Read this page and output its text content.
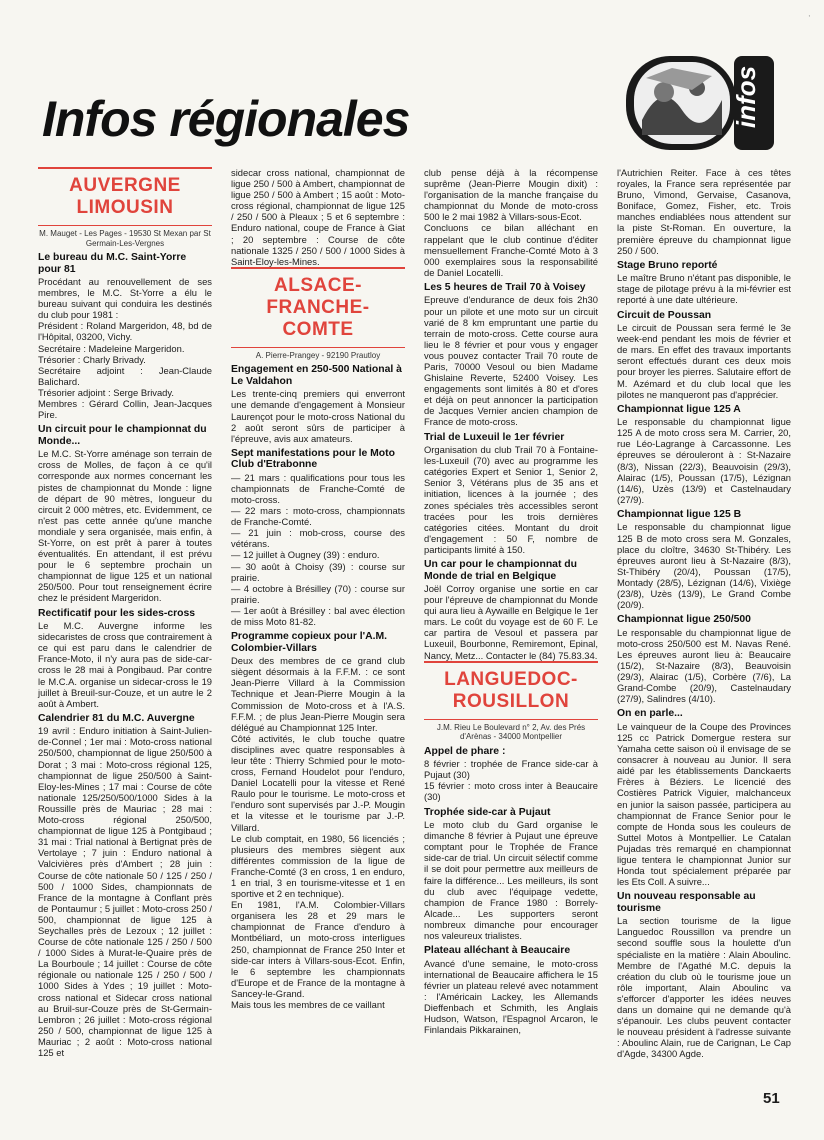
'
Infos régionales	infos
AUVERGNE
LIMOUSIN
M. Mauget - Les Pages - 19530 St Mexan par St Germain-Les-Vergnes
Le bureau du M.C. Saint-Yorre pour 81

Procédant au renouvellement de ses membres, le M.C. St-Yorre a élu le bureau suivant qui conduira les destinés du club pour 1981 :

Président : Roland Margeridon, 48, bd de l'Hôpital, 03200, Vichy.

Secrétaire : Madeleine Margeridon.

Trésorier : Charly Brivady.

Secrétaire adjoint : Jean-Claude Balichard.

Trésorier adjoint : Serge Brivady.

Membres : Gérard Collin, Jean-Jacques Pire.

Un circuit pour le championnat du Monde...

Le M.C. St-Yorre aménage son terrain de cross de Molles, de façon à ce qu'il corresponde aux normes concernant les pistes de championnat du Monde : ligne de départ de 90 mètres, longueur du circuit 2 000 mètres, etc. Evidemment, ce n'est pas cette année qu'une manche mondiale y sera organisée, mais enfin, à St-Yorre, on est prêt à parer à toutes éventualités. En attendant, il est prévu pour le 6 septembre prochain un championnat de ligue 125 et un national 250/500. Pour tout renseignement écrire chez le président Margeridon.

Rectificatif pour les sides-cross

Le M.C. Auvergne informe les sidecaristes de cross que contrairement à ce qui est paru dans le calendrier de France-Moto, il n'y aura pas de side-car-cross le 28 mai à Pongibaud. Par contre le M.C.A. organise un sidecar-cross le 19 juillet à Breuil-sur-Couze, et un autre le 2 août à Ambert.

Calendrier 81 du M.C. Auvergne

19 avril : Enduro initiation à Saint-Julien-de-Connel ; 1er mai : Moto-cross national 250/500, championnat de ligue 250/500 à Dorat ; 3 mai : Moto-cross régional 125, championnat de ligue 250/500 à Saint-Eloy-les-Mines ; 17 mai : Course de côte nationale 125/250/500/1000 Sides à la Roussille près de Mauriac ; 28 mai : Moto-cross régional 250/500, championnat de ligue 125 à Pontgibaud ; 31 mai : Trial national à Bertignat près de Vertolaye ; 7 juin : Enduro national à Valcivières près d'Ambert ; 28 juin : Course de côte nationale 50 / 125 / 250 / 500 / 1000 Sides, championnats de France de la montagne à Conflant près de Pontaumur ; 5 juillet : Moto-cross 250 / 500, championnat de ligue 125 à Seychalles près de Lezoux ; 12 juillet : Course de côte nationale 125 / 250 / 500 / 1000 Sides à Murat-le-Quaire près de La Bourboule ; 14 juillet : Course de côte régionale ou nationale 125 / 250 / 500 / 1000 Sides à Ydes ; 19 juillet : Moto-cross national et Sidecar cross national au Bruil-sur-Couze près de St-Germain-Lembron ; 26 juillet : Moto-cross régional 250 / 500, championnat de ligue 125 à Mauriac ; 2 août : Moto-cross national 125 et

sidecar cross national, championnat de ligue 250 / 500 à Ambert, championnat de ligue 250 / 500 à Ambert ; 15 août : Moto-cross régional, championnat de ligue 125 / 250 / 500 à Pleaux ; 5 et 6 septembre : Enduro national, coupe de France à Giat ; 20 septembre : Course de côte nationale 1325 / 250 / 500 / 1000 Sides à Saint-Eloy-les-Mines.

ALSACE-
FRANCHE-
COMTE
A. Pierre-Prangey - 92190 Prautloy
Engagement en 250-500 National à Le Valdahon

Les trente-cinq premiers qui enverront une demande d'engagement à Monsieur Laurençot pour le moto-cross National du 2 août seront sûrs de participer à l'épreuve, avis aux amateurs.

Sept manifestations pour le Moto Club d'Etrabonne

— 21 mars : qualifications pour tous les championnats de Franche-Comté de moto-cross.

— 22 mars : moto-cross, championnats de Franche-Comté.

— 21 juin : mob-cross, course des vétérans.

— 12 juillet à Ougney (39) : enduro.

— 30 août à Choisy (39) : course sur prairie.

— 4 octobre à Brésilley (70) : course sur prairie.

— 1er août à Brésilley : bal avec élection de miss Moto 81-82.

Programme copieux pour l'A.M. Colombier-Villars

Deux des membres de ce grand club siègent désormais à la F.F.M. : ce sont Jean-Pierre Villard à la Commission Technique et Jean-Pierre Mougin à la Commission de Moto-cross et à l'A.S. F.F.M. ; de plus Jean-Pierre Mougin sera délégué au Championnat 125 Inter.

Côté activités, le club touche quatre disciplines avec quatre responsables à leur tête : Thierry Schmied pour le moto-cross, Fernand Houdelot pour l'enduro, Daniel Locatelli pour la vitesse et René Raulo pour le tourisme. Le moto-cross et l'enduro sont supervisés par J.-P. Mougin et la vitesse et le tourisme par J.-P. Villard.

Le club comptait, en 1980, 56 licenciés ; plusieurs des membres siègent aux différentes commission de la ligue de Franche-Comté (3 en cross, 1 en enduro, 1 en trial, 3 en tourisme-vitesse et 1 en sportive et 2 en technique).

En 1981, l'A.M. Colombier-Villars organisera les 28 et 29 mars le championnat de France d'enduro à Montbéliard, un moto-cross interligues 250, championnat de France 250 Inter et side-car inters à Villars-sous-Ecot. Enfin, le 6 septembre les championnats d'Europe et de France de la montagne à Sancey-le-Grand.

Mais tous les membres de ce vaillant

club pense déjà à la récompense suprême (Jean-Pierre Mougin dixit) : l'organisation de la manche française du championnat du Monde de moto-cross 500 le 2 mai 1982 à Villars-sous-Ecot.

Concluons ce bilan alléchant en rappelant que le club continue d'éditer mensuellement Franche-Comté Moto à 3 000 exemplaires sous la responsabilité de Daniel Locatelli.

Les 5 heures de Trail 70 à Voisey

Epreuve d'endurance de deux fois 2h30 pour un pilote et une moto sur un circuit varié de 8 km empruntant une partie du terrain de moto-cross. Cette course aura lieu le 8 février et pour vous y engager vous pouvez contacter Trail 70 route de Paris, 70000 Vesoul ou bien Madame Ghislaine Reverte, 52400 Voisey. Les engagements sont limités à 80 et d'ores et déjà on peut annoncer la participation de Jacques Vernier ancien champion de France de moto-cross.

Trial de Luxeuil le 1er février

Organisation du club Trail 70 à Fontaine-les-Luxeuil (70) avec au programme les catégories Expert et Senior 1, Senior 2, Senior 3, Vétérans plus de 35 ans et initiation, licences à la journée ; des zones spéciales très accessibles seront tracées pour les trois dernières catégories citées. Montant du droit d'engagement : 50 F, nombre de participants limité à 150.

Un car pour le championnat du Monde de trial en Belgique

Joël Corroy organise une sortie en car pour l'épreuve de championnat du Monde qui aura lieu à Aywaille en Belgique le 1er mars. Le coût du voyage est de 60 F. Le car partira de Vesoul et passera par Luxeuil, Bourbonne, Remiremont, Epinal, Nancy, Metz... Contacter le (84) 75.83.34.

LANGUEDOC-
ROUSILLON
J.M. Rieu Le Boulevard n° 2, Av. des Prés d'Arènas - 34000 Montpellier
Appel de phare :

8 février : trophée de France side-car à Pujaut (30)

15 février : moto cross inter à Beaucaire (30)

Trophée side-car à Pujaut

Le moto club du Gard organise le dimanche 8 février à Pujaut une épreuve comptant pour le Trophée de France side-car de trial. Un circuit sélectif comme il se doit pour permettre aux meilleurs de faire la différence... Les meilleurs, ils sont du club avec l'équipage vedette, champion de France 1980 : Borrely-Alcade... Les supporters seront nombreux dimanche pour encourager nos valeureux trialistes.

Plateau alléchant à Beaucaire

Avancé d'une semaine, le moto-cross international de Beaucaire affichera le 15 février un plateau relevé avec notamment : l'Américain Lackey, les Allemands Dieffenbach et Schmith, les Anglais Hudson, Watson, l'Espagnol Arcaron, le Finlandais Pikkarainen,

l'Autrichien Reiter. Face à ces têtes royales, la France sera représentée par Bruno, Vimond, Gervaise, Casanova, Boniface, Gomez, Fisher, etc. Trois manches endiablées nous attendent sur la piste St-Roman. En ouverture, la première épreuve du championnat ligue 250 / 500.

Stage Bruno reporté

Le maître Bruno n'étant pas disponible, le stage de pilotage prévu à la mi-février est reporté à une date ultérieure.

Circuit de Poussan

Le circuit de Poussan sera fermé le 3e week-end pendant les mois de février et de mars. En effet des travaux importants seront effectués durant ces deux mois pour broyer les pierres. Salutaire effort de M. Azémard et du club local que les pilotes ne manqueront pas d'apprécier.

Championnat ligue 125 A

Le responsable du championnat ligue 125 A de moto cross sera M. Carrier, 20, rue Léo-Lagrange à Carcassonne. Les épreuves se dérouleront à : St-Nazaire (8/3), Nissan (22/3), Beauvoisin (29/3), Alairac (1/5), Poussan (17/5), Lézignan (14/6), Uzès (13/9) et Castelnaudary (27/9).

Championnat ligue 125 B

Le responsable du championnat ligue 125 B de moto cross sera M. Gonzales, place du cloître, 34630 St-Thibéry. Les épreuves auront lieu à St-Nazaire (8/3), St-Thibéry (20/4), Poussan (17/5), Montady (28/5), Lézignan (14/6), Vixiège (23/8), Uzès (13/9), Le Grand Combe (20/9).

Championnat ligue 250/500

Le responsable du championnat ligue de moto-cross 250/500 est M. Navas René. Les épreuves auront lieu à: Beaucaire (15/2), St-Nazaire (8/3), Beauvoisin (29/3), Alairac (1/5), Corbère (7/6), La Grand-Combe (20/9), Castelnaudary (27/9), Salindres (4/10).

On en parle...

Le vainqueur de la Coupe des Provinces 125 cc Patrick Domergue restera sur Yamaha cette saison où il envisage de se consacrer à nouveau au Junior. Il sera aidé par les établissements Danckaerts Frères à Béziers. Le licencié des Costières Patrick Viguier, malchanceux en junior la saison passée, participera au championnat de France Senior pour le compte de Honda sous les couleurs de Suttel Motos à Montpellier. Le Catalan Pujadas très remarqué en championnat ligue tentera le championnat Junior sur Honda tout spécialement préparée par les Ets Coll. A suivre...

Un nouveau responsable au tourisme

La section tourisme de la ligue Languedoc Roussillon va prendre un second souffle sous la houlette d'un spécialiste en la matière : Alain Aboulinc. Membre de l'Agathé M.C. depuis la création du club où le tourisme joue un rôle important, Alain Aboulinc va s'efforcer d'apporter les idées neuves dans un domaine qui ne demande qu'à s'épanouir. Les clubs peuvent contacter le nouveau président à l'adresse suivante : Aboulinc Alain, rue de Carignan, Le Cap d'Agde, 34300 Agde.

51
